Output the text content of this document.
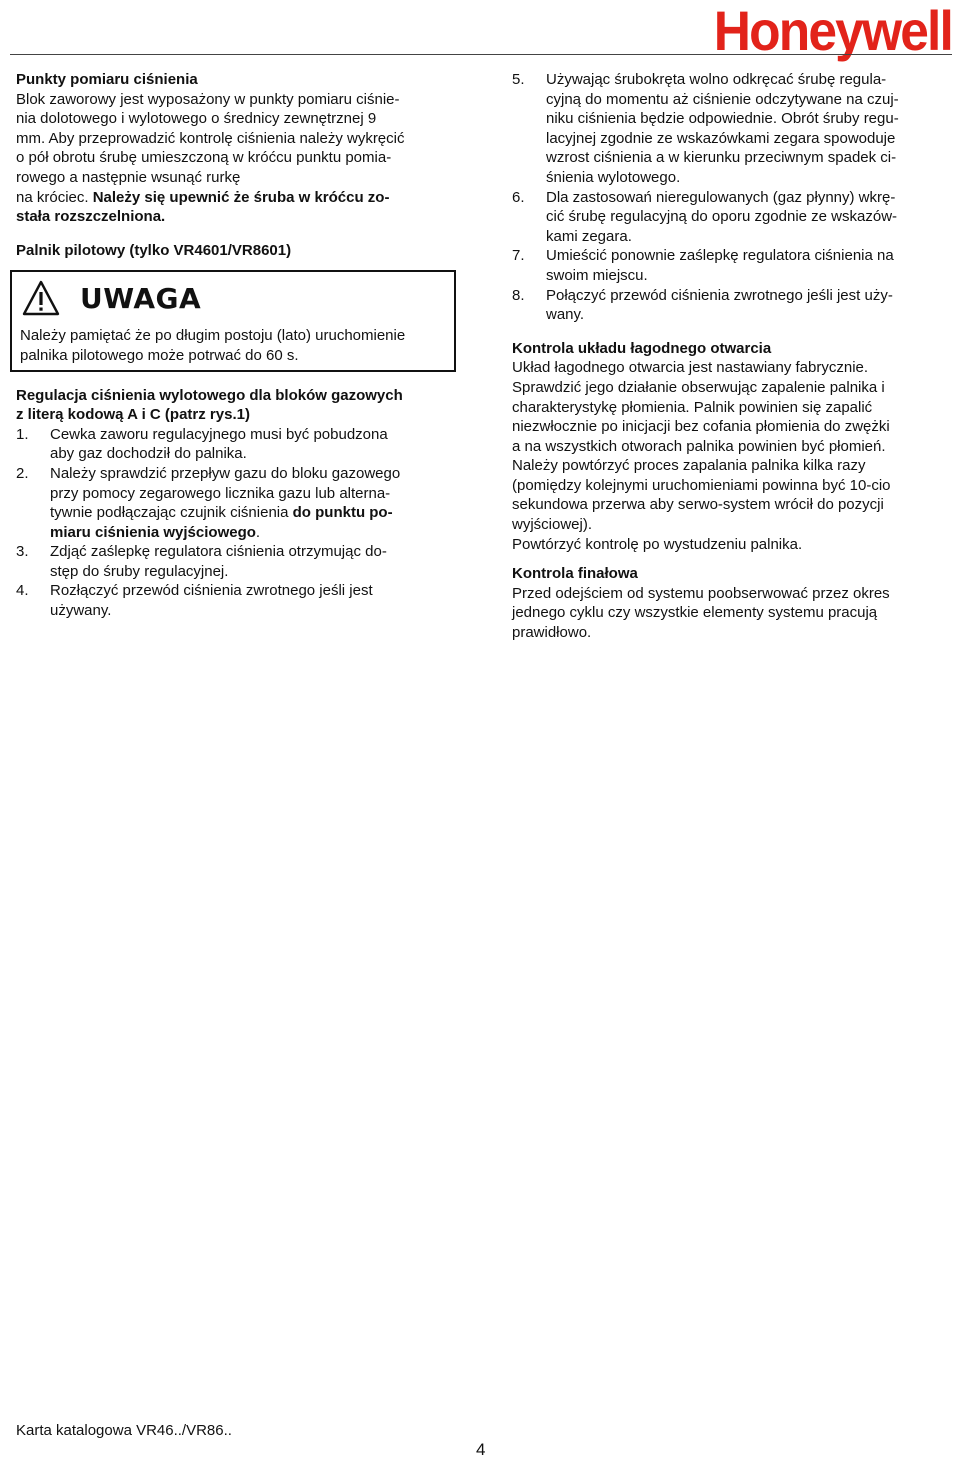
Honeywell

Punkty pomiaru ciśnienia

Blok zaworowy jest wyposażony w punkty pomiaru ciśnie-

nia dolotowego i wylotowego o średnicy zewnętrznej 9

mm. Aby przeprowadzić kontrolę ciśnienia należy wykręcić

o pół obrotu śrubę umieszczoną w króćcu punktu pomia-

rowego a następnie wsunąć rurkę

na króciec. Należy się upewnić że śruba w króćcu zo-

stała rozszczelniona.

Palnik pilotowy (tylko VR4601/VR8601)

UWAGA

Należy pamiętać że po długim postoju (lato) uruchomienie

palnika pilotowego może potrwać do 60 s.

Regulacja ciśnienia wylotowego dla bloków gazowych

z literą kodową A i C (patrz rys.1)

1.	Cewka zaworu regulacyjnego musi być pobudzona

aby gaz dochodził do palnika.

2.	Należy sprawdzić przepływ gazu do bloku gazowego

przy pomocy zegarowego licznika gazu lub alterna-

tywnie podłączając czujnik ciśnienia do punktu po-

miaru ciśnienia wyjściowego.

3.	Zdjąć zaślepkę regulatora ciśnienia otrzymując do-

stęp do śruby regulacyjnej.

4.	Rozłączyć przewód ciśnienia zwrotnego jeśli jest

używany.

5.	Używając śrubokręta wolno odkręcać śrubę regula-

cyjną do momentu aż ciśnienie odczytywane na czuj-

niku ciśnienia będzie odpowiednie. Obrót śruby regu-

lacyjnej zgodnie ze wskazówkami zegara spowoduje

wzrost ciśnienia a w kierunku przeciwnym spadek ci-

śnienia wylotowego.

6.	Dla zastosowań nieregulowanych (gaz płynny) wkrę-

cić śrubę regulacyjną do oporu zgodnie ze wskazów-

kami zegara.

7.	Umieścić ponownie zaślepkę regulatora ciśnienia na

swoim miejscu.

8.	Połączyć przewód ciśnienia zwrotnego jeśli jest uży-

wany.

Kontrola układu łagodnego otwarcia

Układ łagodnego otwarcia jest nastawiany fabrycznie.

Sprawdzić jego działanie obserwując zapalenie palnika i

charakterystykę płomienia. Palnik powinien się zapalić

niezwłocznie po inicjacji bez cofania płomienia do zwężki

a na wszystkich otworach palnika powinien być płomień.

Należy powtórzyć proces zapalania palnika kilka razy

(pomiędzy kolejnymi uruchomieniami powinna być 10-cio

sekundowa przerwa aby serwo-system wrócił do pozycji

wyjściowej).

Powtórzyć kontrolę po wystudzeniu palnika.

Kontrola finałowa

Przed odejściem od systemu poobserwować przez okres

jednego cyklu czy wszystkie elementy systemu pracują

prawidłowo.

Karta katalogowa VR46../VR86..
4
